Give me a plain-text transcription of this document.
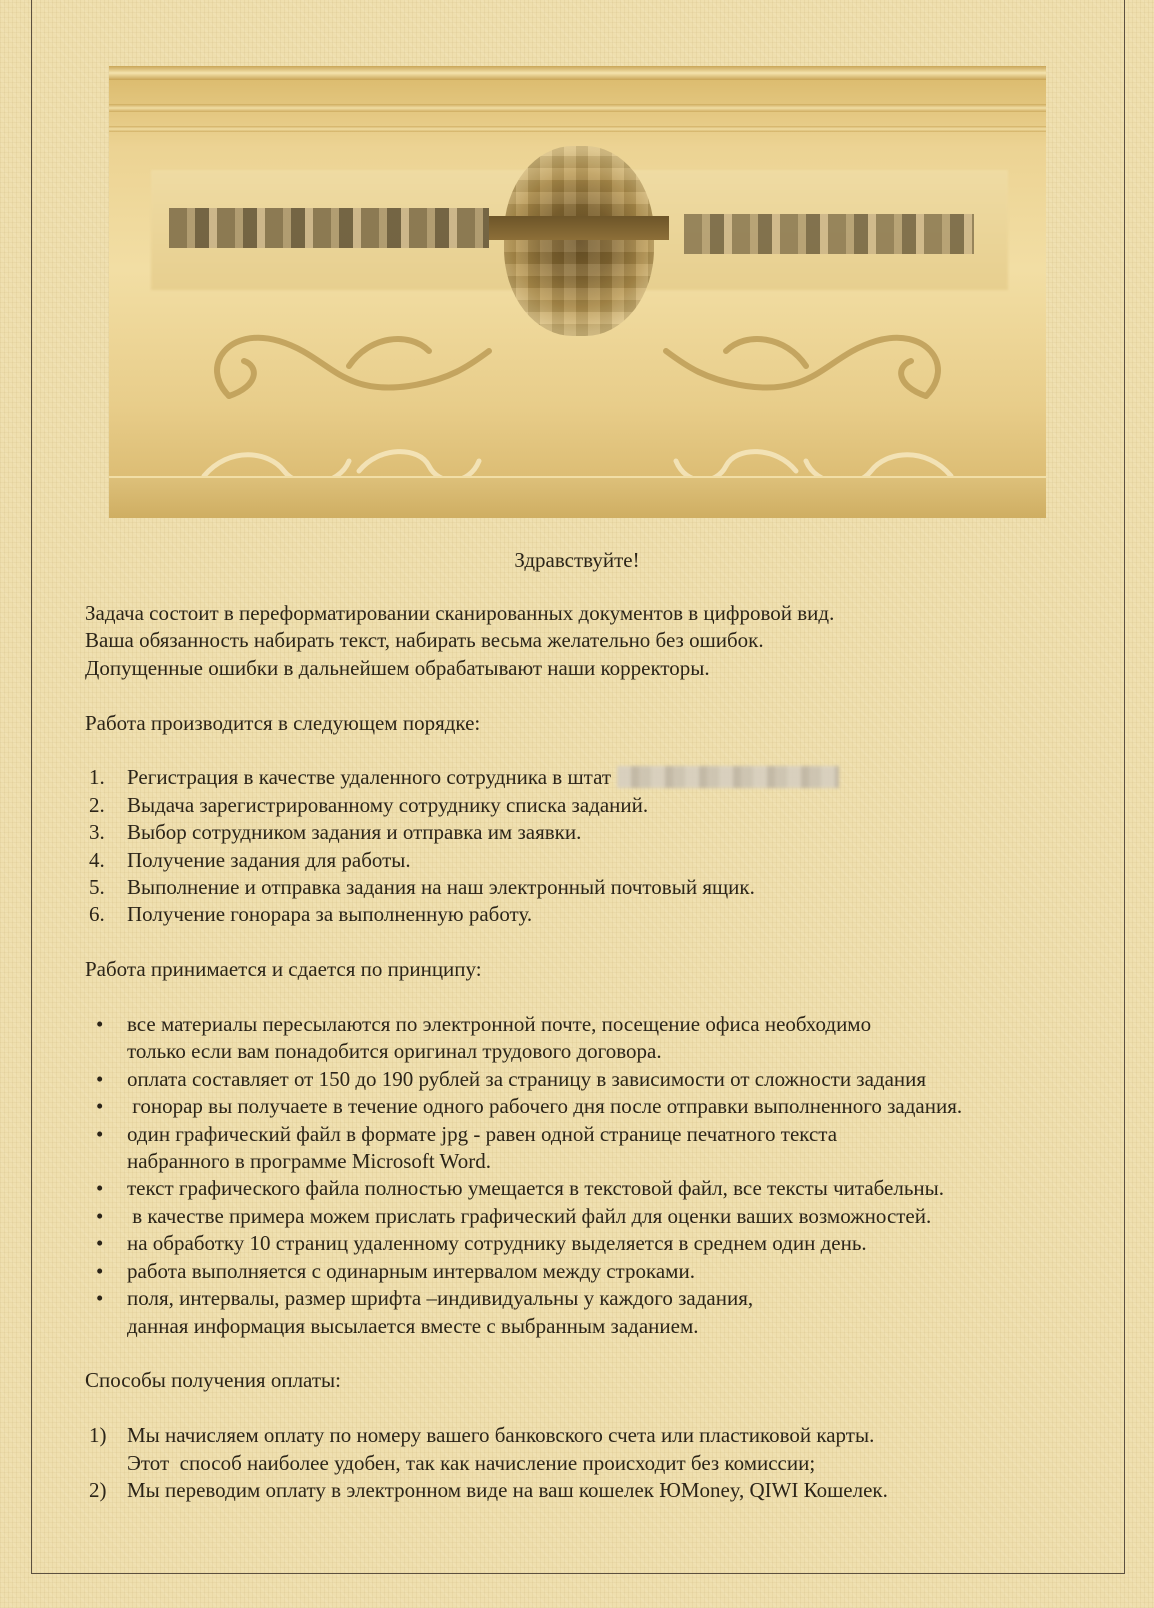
Здравствуйте!

Задача состоит в переформатировании сканированных документов в цифровой вид.

Ваша обязанность набирать текст, набирать весьма желательно без ошибок.

Допущенные ошибки в дальнейшем обрабатывают наши корректоры.

Работа производится в следующем порядке:

1. Регистрация в качестве удаленного сотрудника в штат
2. Выдача зарегистрированному сотруднику списка заданий.
3. Выбор сотрудником задания и отправка им заявки.
4. Получение задания для работы.
5. Выполнение и отправка задания на наш электронный почтовый ящик.
6. Получение гонорара за выполненную работу.

Работа принимается и сдается по принципу:

• все материалы пересылаются по электронной почте, посещение офиса необходимо
только если вам понадобится оригинал трудового договора.
• оплата составляет от 150 до 190 рублей за страницу в зависимости от сложности задания
• гонорар вы получаете в течение одного рабочего дня после отправки выполненного задания.
• один графический файл в формате jpg - равен одной странице печатного текста
набранного в программе Microsoft Word.
• текст графического файла полностью умещается в текстовой файл, все тексты читабельны.
• в качестве примера можем прислать графический файл для оценки ваших возможностей.
• на обработку 10 страниц удаленному сотруднику выделяется в среднем один день.
• работа выполняется с одинарным интервалом между строками.
• поля, интервалы, размер шрифта –индивидуальны у каждого задания,
данная информация высылается вместе с выбранным заданием.

Способы получения оплаты:

1) Мы начисляем оплату по номеру вашего банковского счета или пластиковой карты.
Этот  способ наиболее удобен, так как начисление происходит без комиссии;
2) Мы переводим оплату в электронном виде на ваш кошелек ЮMoney, QIWI Кошелек.
